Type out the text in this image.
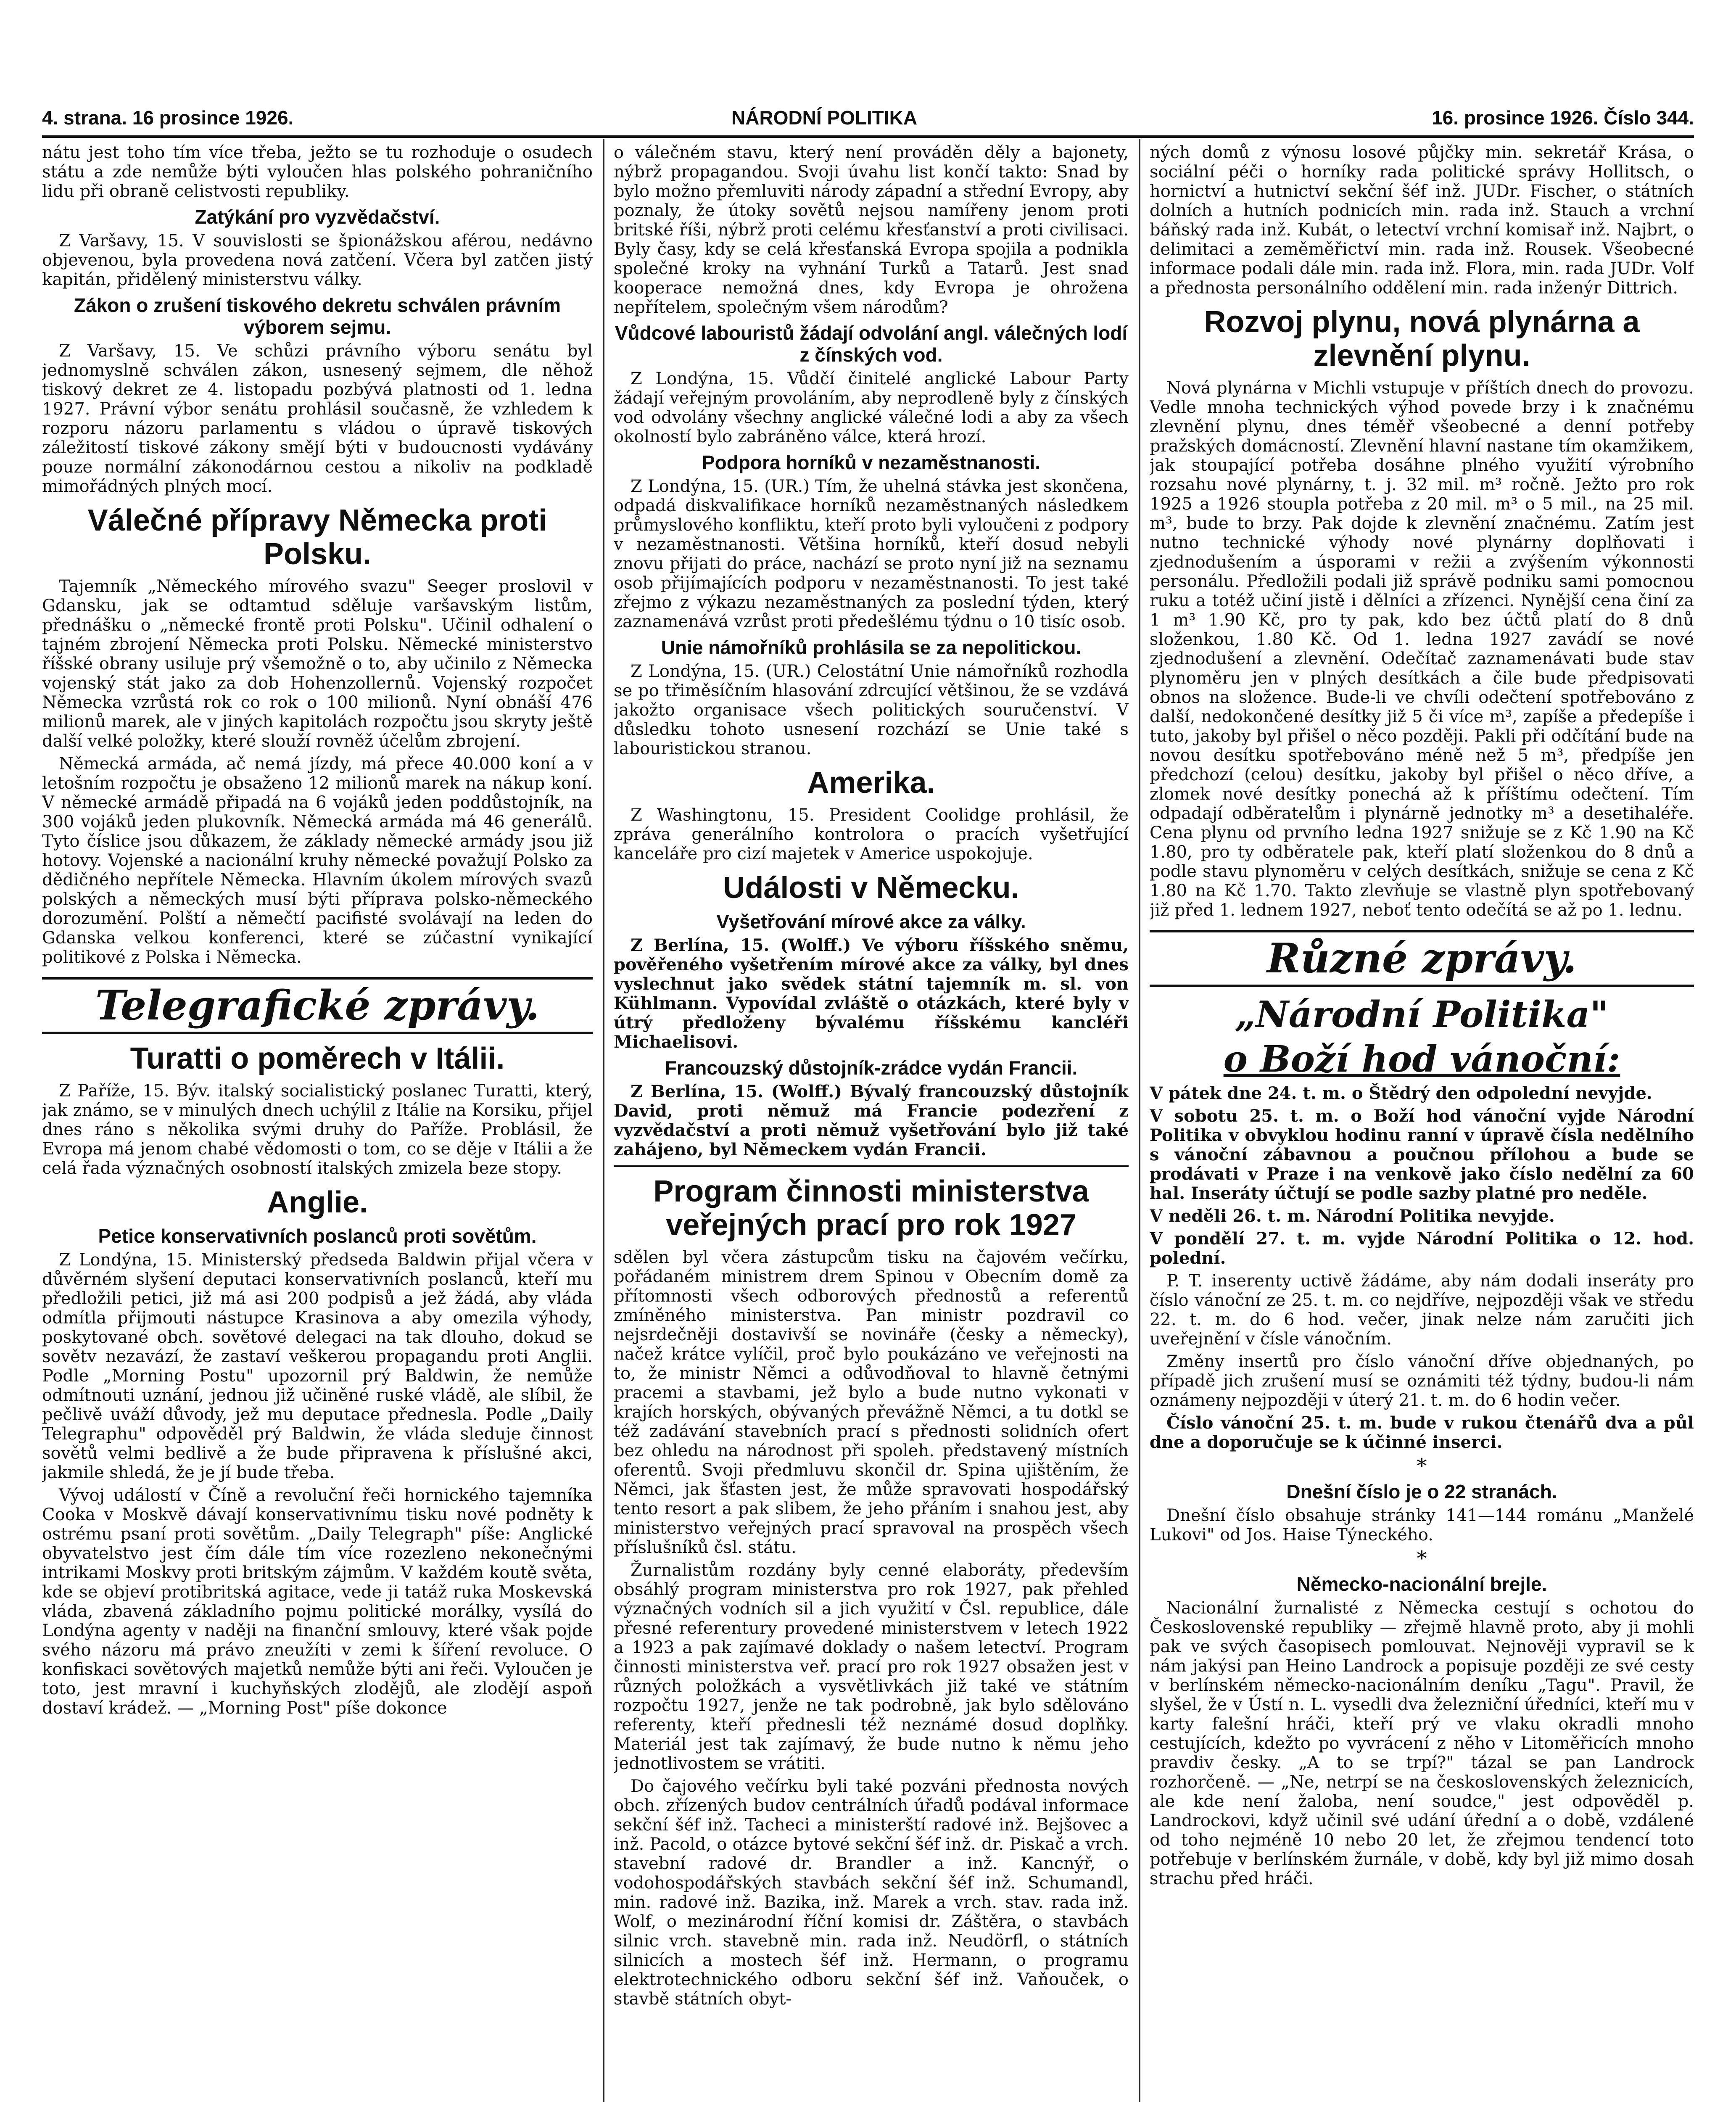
4. strana. 16 prosince 1926.	NÁRODNÍ POLITIKA	16. prosince 1926. Číslo 344.

nátu jest toho tím více třeba, ježto se tu rozhoduje o osudech státu a zde nemůže býti vyloučen hlas polského pohraničního lidu při obraně celistvosti republiky.

Zatýkání pro vyzvědačství.

Z Varšavy, 15. V souvislosti se špionážskou aférou, nedávno objevenou, byla provedena nová zatčení. Včera byl zatčen jistý kapitán, přidělený ministerstvu války.

Zákon o zrušení tiskového dekretu schválen právním výborem sejmu.

Z Varšavy, 15. Ve schůzi právního výboru senátu byl jednomyslně schválen zákon, usnesený sejmem, dle něhož tiskový dekret ze 4. listopadu pozbývá platnosti od 1. ledna 1927. Právní výbor senátu prohlásil současně, že vzhledem k rozporu názoru parlamentu s vládou o úpravě tiskových záležitostí tiskové zákony smějí býti v budoucnosti vydávány pouze normální zákonodárnou cestou a nikoliv na podkladě mimořádných plných mocí.

Válečné přípravy Německa proti Polsku.

Tajemník „Německého mírového svazu" Seeger proslovil v Gdansku, jak se odtamtud sděluje varšavským listům, přednášku o „německé frontě proti Polsku". Učinil odhalení o tajném zbrojení Německa proti Polsku. Německé ministerstvo říšské obrany usiluje prý všemožně o to, aby učinilo z Německa vojenský stát jako za dob Hohenzollernů. Vojenský rozpočet Německa vzrůstá rok co rok o 100 milionů. Nyní obnáší 476 milionů marek, ale v jiných kapitolách rozpočtu jsou skryty ještě další velké položky, které slouží rovněž účelům zbrojení.

Německá armáda, ač nemá jízdy, má přece 40.000 koní a v letošním rozpočtu je obsaženo 12 milionů marek na nákup koní. V německé armádě připadá na 6 vojáků jeden poddůstojník, na 300 vojáků jeden plukovník. Německá armáda má 46 generálů. Tyto číslice jsou důkazem, že základy německé armády jsou již hotovy. Vojenské a nacionální kruhy německé považují Polsko za dědičného nepřítele Německa. Hlavním úkolem mírových svazů polských a německých musí býti příprava polsko-německého dorozumění. Polští a němečtí pacifisté svolávají na leden do Gdanska velkou konferenci, které se zúčastní vynikající politikové z Polska i Německa.

Telegrafické zprávy.
Turatti o poměrech v Itálii.

Z Paříže, 15. Býv. italský socialistický poslanec Turatti, který, jak známo, se v minulých dnech uchýlil z Itálie na Korsiku, přijel dnes ráno s několika svými druhy do Paříže. Problásil, že Evropa má jenom chabé vědomosti o tom, co se děje v Itálii a že celá řada význačných osobností italských zmizela beze stopy.

Anglie.
Petice konservativních poslanců proti sovětům.

Z Londýna, 15. Ministerský předseda Baldwin přijal včera v důvěrném slyšení deputaci konservativních poslanců, kteří mu předložili petici, již má asi 200 podpisů a jež žádá, aby vláda odmítla přijmouti nástupce Krasinova a aby omezila výhody, poskytované obch. sovětové delegaci na tak dlouho, dokud se sovětv nezavází, že zastaví veškerou propagandu proti Anglii. Podle „Morning Postu" upozornil prý Baldwin, že nemůže odmítnouti uznání, jednou již učiněné ruské vládě, ale slíbil, že pečlivě uváží důvody, jež mu deputace přednesla. Podle „Daily Telegraphu" odpověděl prý Baldwin, že vláda sleduje činnost sovětů velmi bedlivě a že bude připravena k příslušné akci, jakmile shledá, že je jí bude třeba.

Vývoj událostí v Číně a revoluční řeči hornického tajemníka Cooka v Moskvě dávají konservativnímu tisku nové podněty k ostrému psaní proti sovětům. „Daily Telegraph" píše: Anglické obyvatelstvo jest čím dále tím více rozezleno nekonečnými intrikami Moskvy proti britským zájmům. V každém koutě světa, kde se objeví protibritská agitace, vede ji tatáž ruka Moskevská vláda, zbavená základního pojmu politické morálky, vysílá do Londýna agenty v naději na finanční smlouvy, které však pojde svého názoru má právo zneužíti v zemi k šíření revoluce. O konfiskaci sovětových majetků nemůže býti ani řeči. Vyloučen je toto, jest mravní i kuchyňských zlodějů, ale zlodějí aspoň dostaví krádež. — „Morning Post" píše dokonce

o válečném stavu, který není prováděn děly a bajonety, nýbrž propagandou. Svoji úvahu list končí takto: Snad by bylo možno přemluviti národy západní a střední Evropy, aby poznaly, že útoky sovětů nejsou namířeny jenom proti britské říši, nýbrž proti celému křesťanství a proti civilisaci. Byly časy, kdy se celá křesťanská Evropa spojila a podnikla společné kroky na vyhnání Turků a Tatarů. Jest snad kooperace nemožná dnes, kdy Evropa je ohrožena nepřítelem, společným všem národům?

Vůdcové labouristů žádají odvolání angl. válečných lodí z čínských vod.

Z Londýna, 15. Vůdčí činitelé anglické Labour Party žádají veřejným provoláním, aby neprodleně byly z čínských vod odvolány všechny anglické válečné lodi a aby za všech okolností bylo zabráněno válce, která hrozí.

Podpora horníků v nezaměstnanosti.

Z Londýna, 15. (UR.) Tím, že uhelná stávka jest skončena, odpadá diskvalifikace horníků nezaměstnaných následkem průmyslového konfliktu, kteří proto byli vyloučeni z podpory v nezaměstnanosti. Většina horníků, kteří dosud nebyli znovu přijati do práce, nachází se proto nyní již na seznamu osob přijímajících podporu v nezaměstnanosti. To jest také zřejmo z výkazu nezaměstnaných za poslední týden, který zaznamenává vzrůst proti předešlému týdnu o 10 tisíc osob.

Unie námořníků prohlásila se za nepolitickou.

Z Londýna, 15. (UR.) Celostátní Unie námořníků rozhodla se po třiměsíčním hlasování zdrcující většinou, že se vzdává jakožto organisace všech politických souručenství. V důsledku tohoto usnesení rozchází se Unie také s labouristickou stranou.

Amerika.

Z Washingtonu, 15. President Coolidge prohlásil, že zpráva generálního kontrolora o pracích vyšetřující kanceláře pro cizí majetek v Americe uspokojuje.

Události v Německu.
Vyšetřování mírové akce za války.

Z Berlína, 15. (Wolff.) Ve výboru říšského sněmu, pověřeného vyšetřením mírové akce za války, byl dnes vyslechnut jako svědek státní tajemník m. sl. von Kühlmann. Vypovídal zvláště o otázkách, které byly v útrý předloženy bývalému říšskému kancléři Michaelisovi.

Francouzský důstojník-zrádce vydán Francii.

Z Berlína, 15. (Wolff.) Bývalý francouzský důstojník David, proti němuž má Francie podezření z vyzvědačství a proti němuž vyšetřování bylo již také zahájeno, byl Německem vydán Francii.

Program činnosti ministerstva veřejných prací pro rok 1927

sdělen byl včera zástupcům tisku na čajovém večírku, pořádaném ministrem drem Spinou v Obecním domě za přítomnosti všech odborových přednostů a referentů zmíněného ministerstva. Pan ministr pozdravil co nejsrdečněji dostavivší se novináře (česky a německy), načež krátce vylíčil, proč bylo poukázáno ve veřejnosti na to, že ministr Němci a odůvodňoval to hlavně četnými pracemi a stavbami, jež bylo a bude nutno vykonati v krajích horských, obývaných převážně Němci, a tu dotkl se též zadávání stavebních prací s přednosti solidních ofert bez ohledu na národnost při spoleh. představený místních oferentů. Svoji předmluvu skončil dr. Spina ujištěním, že Němci, jak šťasten jest, že může spravovati hospodářský tento resort a pak slibem, že jeho přáním i snahou jest, aby ministerstvo veřejných prací spravoval na prospěch všech příslušníků čsl. státu.

Žurnalistům rozdány byly cenné elaboráty, především obsáhlý program ministerstva pro rok 1927, pak přehled význačných vodních sil a jich využití v Čsl. republice, dále přesné referentury provedené ministerstvem v letech 1922 a 1923 a pak zajímavé doklady o našem letectví. Program činnosti ministerstva veř. prací pro rok 1927 obsažen jest v různých položkách a vysvětlivkách již také ve státním rozpočtu 1927, jenže ne tak podrobně, jak bylo sdělováno referenty, kteří přednesli též neznámé dosud doplňky. Materiál jest tak zajímavý, že bude nutno k němu jeho jednotlivostem se vrátiti.

Do čajového večírku byli také pozváni přednosta nových obch. zřízených budov centrálních úřadů podával informace sekční šéf inž. Tacheci a ministerští radové inž. Bejšovec a inž. Pacold, o otázce bytové sekční šéf inž. dr. Piskač a vrch. stavební radové dr. Brandler a inž. Kancnýř, o vodohospodářských stavbách sekční šéf inž. Schumandl, min. radové inž. Bazika, inž. Marek a vrch. stav. rada inž. Wolf, o mezinárodní říční komisi dr. Záštěra, o stavbách silnic vrch. stavebně min. rada inž. Neudörfl, o státních silnicích a mostech šéf inž. Hermann, o programu elektrotechnického odboru sekční šéf inž. Vaňouček, o stavbě státních obyt-

ných domů z výnosu losové půjčky min. sekretář Krása, o sociální péči o horníky rada politické správy Hollitsch, o hornictví a hutnictví sekční šéf inž. JUDr. Fischer, o státních dolních a hutních podnicích min. rada inž. Stauch a vrchní báňský rada inž. Kubát, o letectví vrchní komisař inž. Najbrt, o delimitaci a zeměměřictví min. rada inž. Rousek. Všeobecné informace podali dále min. rada inž. Flora, min. rada JUDr. Volf a přednosta personálního oddělení min. rada inženýr Dittrich.

Rozvoj plynu, nová plynárna a zlevnění plynu.

Nová plynárna v Michli vstupuje v příštích dnech do provozu. Vedle mnoha technických výhod povede brzy i k značnému zlevnění plynu, dnes téměř všeobecné a denní potřeby pražských domácností. Zlevnění hlavní nastane tím okamžikem, jak stoupající potřeba dosáhne plného využití výrobního rozsahu nové plynárny, t. j. 32 mil. m³ ročně. Ježto pro rok 1925 a 1926 stoupla potřeba z 20 mil. m³ o 5 mil., na 25 mil. m³, bude to brzy. Pak dojde k zlevnění značnému. Zatím jest nutno technické výhody nové plynárny doplňovati i zjednodušením a úsporami v režii a zvýšením výkonnosti personálu. Předložili podali již správě podniku sami pomocnou ruku a totéž učiní jistě i dělníci a zřízenci. Nynější cena činí za 1 m³ 1.90 Kč, pro ty pak, kdo bez účtů platí do 8 dnů složenkou, 1.80 Kč. Od 1. ledna 1927 zavádí se nové zjednodušení a zlevnění. Odečítač zaznamenávati bude stav plynoměru jen v plných desítkách a čile bude předpisovati obnos na složence. Bude-li ve chvíli odečtení spotřebováno z další, nedokončené desítky již 5 či více m³, zapíše a předepíše i tuto, jakoby byl přišel o něco později. Pakli při odčítání bude na novou desítku spotřebováno méně než 5 m³, předpíše jen předchozí (celou) desítku, jakoby byl přišel o něco dříve, a zlomek nové desítky ponechá až k příštímu odečtení. Tím odpadají odběratelům i plynárně jednotky m³ a desetihaléře. Cena plynu od prvního ledna 1927 snižuje se z Kč 1.90 na Kč 1.80, pro ty odběratele pak, kteří platí složenkou do 8 dnů a podle stavu plynoměru v celých desítkách, snižuje se cena z Kč 1.80 na Kč 1.70. Takto zlevňuje se vlastně plyn spotřebovaný již před 1. lednem 1927, neboť tento odečítá se až po 1. lednu.

Různé zprávy.
„Národní Politika"
o Boží hod vánoční:

V pátek dne 24. t. m. o Štědrý den odpolední nevyjde.

V sobotu 25. t. m. o Boží hod vánoční vyjde Národní Politika v obvyklou hodinu ranní v úpravě čísla nedělního s vánoční zábavnou a poučnou přílohou a bude se prodávati v Praze i na venkově jako číslo nedělní za 60 hal. Inseráty účtují se podle sazby platné pro neděle.

V neděli 26. t. m. Národní Politika nevyjde.

V pondělí 27. t. m. vyjde Národní Politika o 12. hod. polední.

P. T. inserenty uctivě žádáme, aby nám dodali inseráty pro číslo vánoční ze 25. t. m. co nejdříve, nejpozději však ve středu 22. t. m. do 6 hod. večer, jinak nelze nám zaručiti jich uveřejnění v čísle vánočním.

Změny insertů pro číslo vánoční dříve objednaných, po případě jich zrušení musí se oznámiti též týdny, budou-li nám oznámeny nejpozději v úterý 21. t. m. do 6 hodin večer.

Číslo vánoční 25. t. m. bude v rukou čtenářů dva a půl dne a doporučuje se k účinné inserci.

*
Dnešní číslo je o 22 stranách.

Dnešní číslo obsahuje stránky 141—144 románu „Manželé Lukovi" od Jos. Haise Týneckého.

*
Německo-nacionální brejle.

Nacionální žurnalisté z Německa cestují s ochotou do Československé republiky — zřejmě hlavně proto, aby ji mohli pak ve svých časopisech pomlouvat. Nejnověji vypravil se k nám jakýsi pan Heino Landrock a popisuje později ze své cesty v berlínském německo-nacionálním deníku „Tagu". Pravil, že slyšel, že v Ústí n. L. vysedli dva železniční úředníci, kteří mu v karty falešní hráči, kteří prý ve vlaku okradli mnoho cestujících, kdežto po vyvrácení z něho v Litoměřicích mnoho pravdiv česky. „A to se trpí?" tázal se pan Landrock rozhorčeně. — „Ne, netrpí se na československých železnicích, ale kde není žaloba, není soudce," jest odpověděl p. Landrockovi, když učinil své udání úřední a o době, vzdálené od toho nejméně 10 nebo 20 let, že zřejmou tendencí toto potřebuje v berlínském žurnále, v době, kdy byl již mimo dosah strachu před hráči.
